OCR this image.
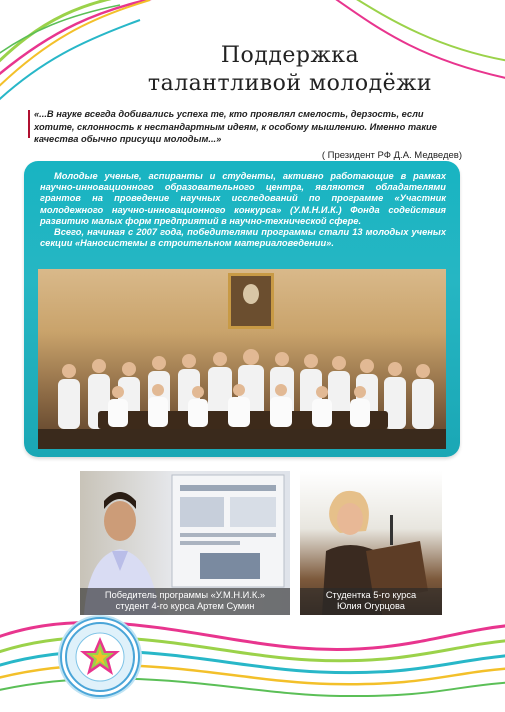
Поддержка
талантливой молодёжи

«...В науке всегда добивались успеха те, кто проявлял смелость, дерзость, если хотите, склонность к нестандартным идеям, к особому мышлению. Именно такие качества обычно присущи молодым...»

( Президент РФ Д.А. Медведев)

Молодые ученые, аспиранты и студенты, активно работающие в рамках научно-инновационного образовательного центра, являются обладателями грантов на проведение научных исследований по программе «Участник молодежного научно-инновационного конкурса» (У.М.Н.И.К.) Фонда содействия развитию малых форм предприятий в научно-технической сфере.

Всего, начиная с 2007 года, победителями программы стали 13 молодых ученых секции «Наносистемы в строительном материаловедении».

Победитель программы «У.М.Н.И.К.»
студент 4-го курса Артем Сумин
Студентка 5-го курса
Юлия Огурцова
